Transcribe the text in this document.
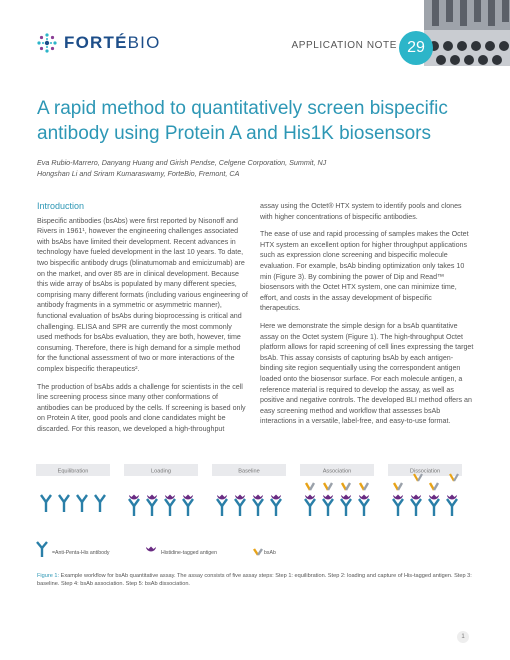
FORTÉBIO	APPLICATION NOTE 29
A rapid method to quantitatively screen bispecific antibody using Protein A and His1K biosensors
Eva Rubio-Marrero, Danyang Huang and Girish Pendse, Celgene Corporation, Summit, NJ
Hongshan Li and Sriram Kumaraswamy, ForteBio, Fremont, CA
Introduction

Bispecific antibodies (bsAbs) were first reported by Nisonoff and Rivers in 1961¹, however the engineering challenges associated with bsAbs have limited their development. Recent advances in technology have fueled development in the last 10 years. To date, two bispecific antibody drugs (blinatumomab and emicizumab) are on the market, and over 85 are in clinical development. Because this wide array of bsAbs is populated by many different species, comprising many different formats (including various engineering of antibody fragments in a symmetric or asymmetric manner), functional evaluation of bsAbs during bioprocessing is critical and challenging. ELISA and SPR are currently the most commonly used methods for bsAbs evaluation, they are both, however, time consuming. Therefore, there is high demand for a simple method for the functional assessment of two or more interactions of the complex bispecific therapeutics².

The production of bsAbs adds a challenge for scientists in the cell line screening process since many other conformations of antibodies can be produced by the cells. If screening is based only on Protein A titer, good pools and clone candidates might be discarded. For this reason, we developed a high-throughput

assay using the Octet® HTX system to identify pools and clones with higher concentrations of bispecific antibodies.

The ease of use and rapid processing of samples makes the Octet HTX system an excellent option for higher throughput applications such as expression clone screening and bispecific molecule evaluation. For example, bsAb binding optimization only takes 10 min (Figure 3). By combining the power of Dip and Read™ biosensors with the Octet HTX system, one can minimize time, effort, and costs in the assay development of bispecific therapeutics.

Here we demonstrate the simple design for a bsAb quantitative assay on the Octet system (Figure 1). The high-throughput Octet platform allows for rapid screening of cell lines expressing the target bsAb. This assay consists of capturing bsAb by each antigen-binding site region sequentially using the correspondent antigen loaded onto the biosensor surface. For each molecule antigen, a reference material is required to develop the assay, as well as positive and negative controls. The developed BLI method offers an easy screening method and workflow that assesses bsAb interactions in a versatile, label-free, and easy-to-use format.

Equilibration	Loading	Baseline	Association	Dissociation
=Anti-Penta-His antibody	Histidine-tagged antigen	bsAb
Figure 1: Example workflow for bsAb quantitative assay. The assay consists of five assay steps: Step 1: equilibration. Step 2: loading and capture of His-tagged antigen. Step 3: baseline. Step 4: bsAb association. Step 5: bsAb dissociation.
1
